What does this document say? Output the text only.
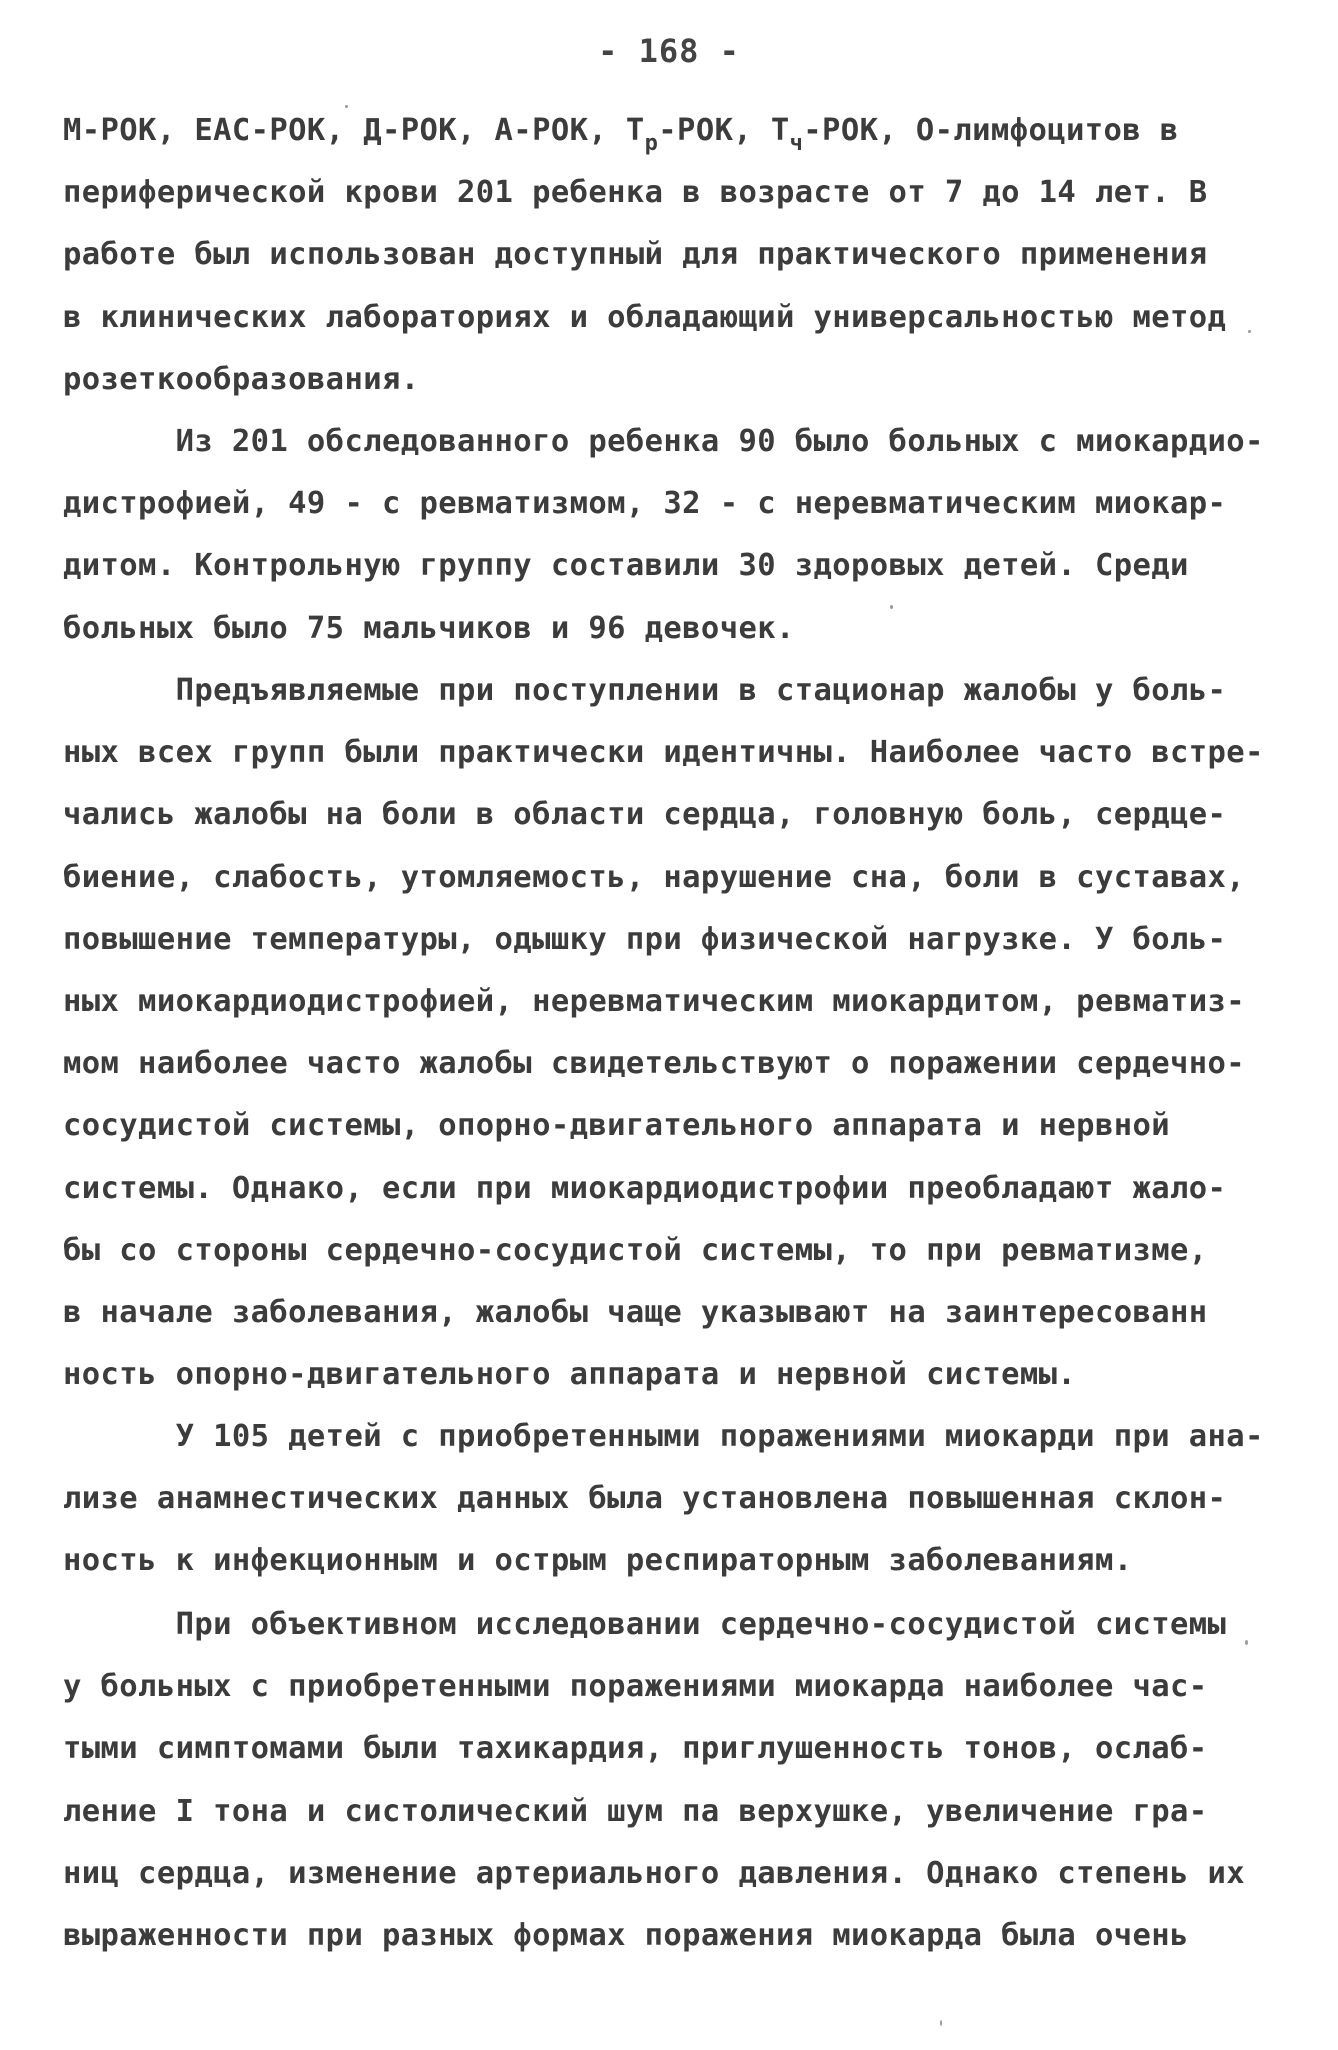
- 168 -
М-РОК, ЕАС-РОК, Д-РОК, А-РОК, $Т_р$-РОК, $Т_ч$-РОК, О-лимфоцитов в
периферической крови 201 ребенка в возрасте от 7 до 14 лет. В
работе был использован доступный для практического применения
в клинических лабораториях и обладающий универсальностью метод
розеткообразования.
Из 201 обследованного ребенка 90 было больных с миокардио-
дистрофией, 49 - с ревматизмом, 32 - с неревматическим миокар-
дитом. Контрольную группу составили 30 здоровых детей. Среди
больных было 75 мальчиков и 96 девочек.
Предъявляемые при поступлении в стационар жалобы у боль-
ных всех групп были практически идентичны. Наиболее часто встре-
чались жалобы на боли в области сердца, головную боль, сердце-
биение, слабость, утомляемость, нарушение сна, боли в суставах,
повышение температуры, одышку при физической нагрузке. У боль-
ных миокардиодистрофией, неревматическим миокардитом, ревматиз-
мом наиболее часто жалобы свидетельствуют о поражении сердечно-
сосудистой системы, опорно-двигательного аппарата и нервной
системы. Однако, если при миокардиодистрофии преобладают жало-
бы со стороны сердечно-сосудистой системы, то при ревматизме,
в начале заболевания, жалобы чаще указывают на заинтересованн
ность опорно-двигательного аппарата и нервной системы.
У 105 детей с приобретенными поражениями миокарди при ана-
лизе анамнестических данных была установлена повышенная склон-
ность к инфекционным и острым респираторным заболеваниям.
При объективном исследовании сердечно-сосудистой системы
у больных с приобретенными поражениями миокарда наиболее час-
тыми симптомами были тахикардия, приглушенность тонов, ослаб-
ление I тона и систолический шум па верхушке, увеличение гра-
ниц сердца, изменение артериального давления. Однако степень их
выраженности при разных формах поражения миокарда была очень
